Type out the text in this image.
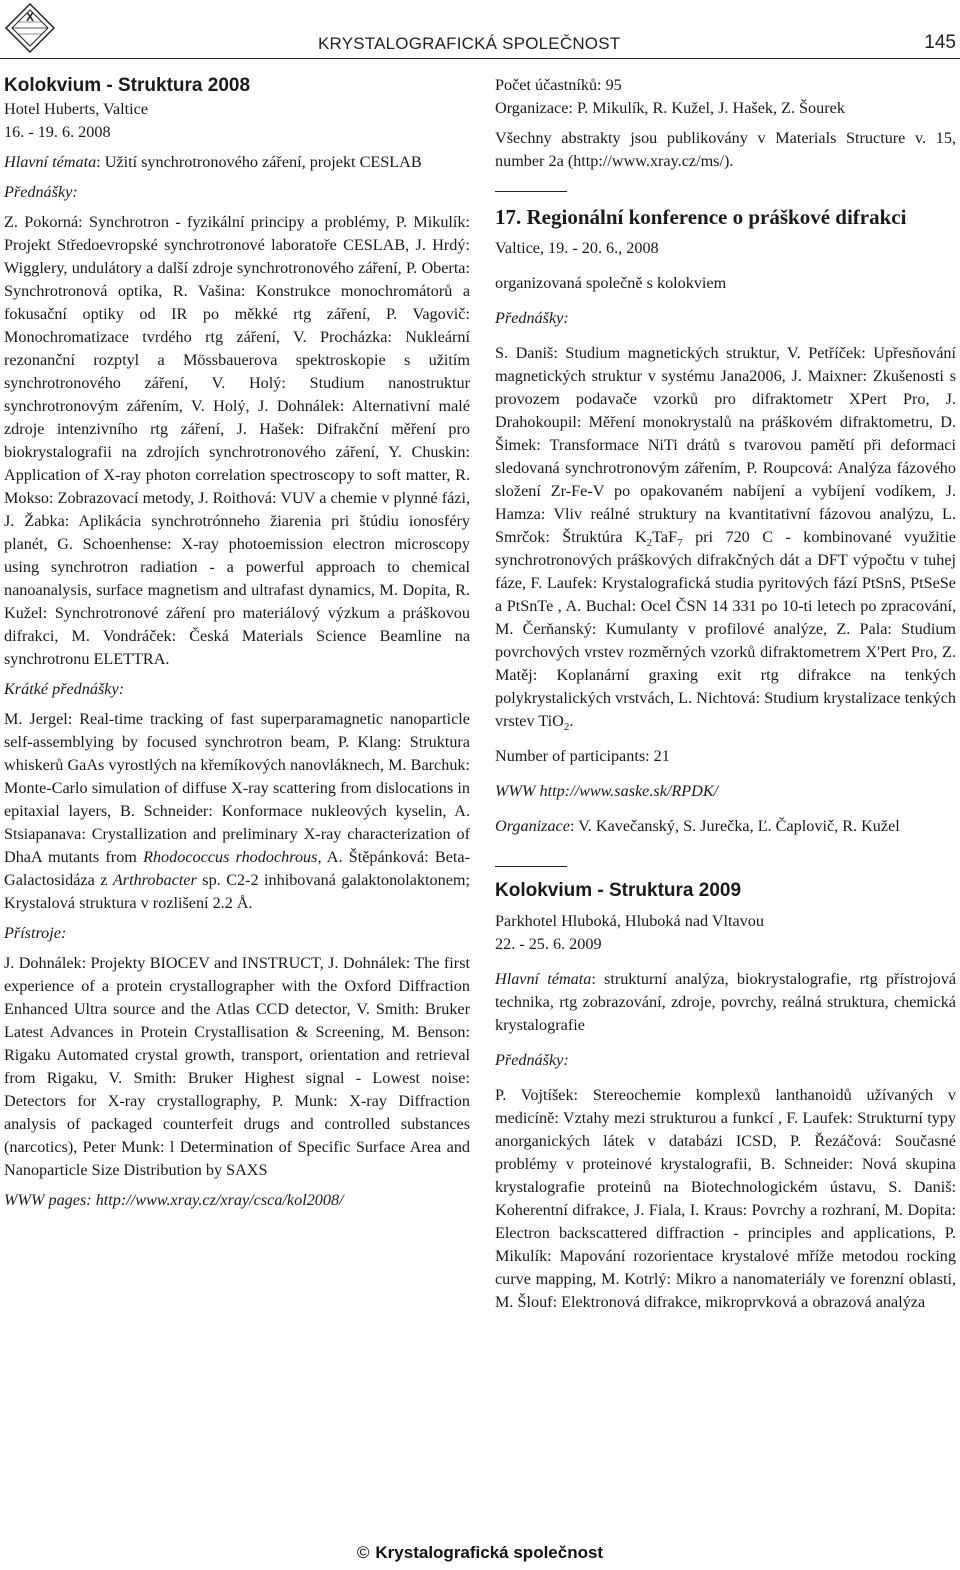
X
KRYSTALOGRAFICKÁ SPOLEČNOST	145

Kolokvium - Struktura 2008

Hotel Huberts, Valtice

16. - 19. 6. 2008

Hlavní témata: Užití synchrotronového záření, projekt CESLAB

Přednášky:

Z. Pokorná: Synchrotron - fyzikální principy a problémy, P. Mikulík: Projekt Středoevropské synchrotronové laboratoře CESLAB, J. Hrdý: Wigglery, undulátory a další zdroje synchrotronového záření, P. Oberta: Synchrotronová optika, R. Vašina: Konstrukce monochromátorů a fokusační optiky od IR po měkké rtg záření, P. Vagovič: Monochromatizace tvrdého rtg záření, V. Procházka: Nukleární rezonanční rozptyl a Mössbauerova spektroskopie s užitím synchrotronového záření, V. Holý: Studium nanostruktur synchrotronovým zářením, V. Holý, J. Dohnálek: Alternativní malé zdroje intenzivního rtg záření, J. Hašek: Difrakční měření pro biokrystalografii na zdrojích synchrotronového záření, Y. Chuskin: Application of X-ray photon correlation spectroscopy to soft matter, R. Mokso: Zobrazovací metody, J. Roithová: VUV a chemie v plynné fázi, J. Žabka: Aplikácia synchrotrónneho žiarenia pri štúdiu ionosféry planét, G. Schoenhense: X-ray photoemission electron microscopy using synchrotron radiation - a powerful approach to chemical nanoanalysis, surface magnetism and ultrafast dynamics, M. Dopita, R. Kužel: Synchrotronové záření pro materiálový výzkum a práškovou difrakci, M. Vondráček: Česká Materials Science Beamline na synchrotronu ELETTRA.

Krátké přednášky:

M. Jergel: Real-time tracking of fast superparamagnetic nanoparticle self-assemblying by focused synchrotron beam, P. Klang: Struktura whiskerů GaAs vyrostlých na křemíkových nanovláknech, M. Barchuk: Monte-Carlo simulation of diffuse X-ray scattering from dislocations in epitaxial layers, B. Schneider: Konformace nukleových kyselin, A. Stsiapanava: Crystallization and preliminary X-ray characterization of DhaA mutants from Rhodococcus rhodochrous, A. Štěpánková: Beta-Galactosidáza z Arthrobacter sp. C2-2 inhibovaná galaktonolaktonem; Krystalová struktura v rozlišení 2.2 Å.

Přístroje:

J. Dohnálek: Projekty BIOCEV and INSTRUCT, J. Dohnálek: The first experience of a protein crystallographer with the Oxford Diffraction Enhanced Ultra source and the Atlas CCD detector, V. Smith: Bruker Latest Advances in Protein Crystallisation & Screening, M. Benson: Rigaku Automated crystal growth, transport, orientation and retrieval from Rigaku, V. Smith: Bruker Highest signal - Lowest noise: Detectors for X-ray crystallography, P. Munk: X-ray Diffraction analysis of packaged counterfeit drugs and controlled substances (narcotics), Peter Munk: l Determination of Specific Surface Area and Nanoparticle Size Distribution by SAXS

WWW pages: http://www.xray.cz/xray/csca/kol2008/

Počet účastníků: 95

Organizace: P. Mikulík, R. Kužel, J. Hašek, Z. Šourek

Všechny abstrakty jsou publikovány v Materials Structure v. 15, number 2a (http://www.xray.cz/ms/).

17. Regionální konference o práškové difrakci

Valtice, 19. - 20. 6., 2008

organizovaná společně s kolokviem

Přednášky:

S. Daniš: Studium magnetických struktur, V. Petříček: Upřesňování magnetických struktur v systému Jana2006, J. Maixner: Zkušenosti s provozem podavače vzorků pro difraktometr XPert Pro, J. Drahokoupil: Měření monokrystalů na práškovém difraktometru, D. Šimek: Transformace NiTi drátů s tvarovou pamětí při deformaci sledovaná synchrotronovým zářením, P. Roupcová: Analýza fázového složení Zr-Fe-V po opakovaném nabíjení a vybíjení vodíkem, J. Hamza: Vliv reálné struktury na kvantitativní fázovou analýzu, L. Smrčok: Štruktúra $K_2TaF_7$ pri 720 C - kombinované využitie synchrotronových práškových difrakčných dát a DFT výpočtu v tuhej fáze, F. Laufek: Krystalografická studia pyritových fází PtSnS, PtSeSe a PtSnTe , A. Buchal: Ocel ČSN 14 331 po 10-ti letech po zpracování, M. Čerňanský: Kumulanty v profilové analýze, Z. Pala: Studium povrchových vrstev rozměrných vzorků difraktometrem X'Pert Pro, Z. Matěj: Koplanární graxing exit rtg difrakce na tenkých polykrystalických vrstvách, L. Nichtová: Studium krystalizace tenkých vrstev TiO$_2$.

Number of participants: 21

WWW http://www.saske.sk/RPDK/

Organizace: V. Kavečanský, S. Jurečka, Ľ. Čaplovič, R. Kužel

Kolokvium - Struktura 2009

Parkhotel Hluboká, Hluboká nad Vltavou

22. - 25. 6. 2009

Hlavní témata: strukturní analýza, biokrystalografie, rtg přístrojová technika, rtg zobrazování, zdroje, povrchy, reálná struktura, chemická krystalografie

Přednášky:

P. Vojtíšek: Stereochemie komplexů lanthanoidů užívaných v medicíně: Vztahy mezi strukturou a funkcí , F. Laufek: Strukturní typy anorganických látek v databázi ICSD, P. Řezáčová: Současné problémy v proteinové krystalografii, B. Schneider: Nová skupina krystalografie proteinů na Biotechnologickém ústavu, S. Daniš: Koherentní difrakce, J. Fiala, I. Kraus: Povrchy a rozhraní, M. Dopita: Electron backscattered diffraction - principles and applications, P. Mikulík: Mapování rozorientace krystalové mříže metodou rocking curve mapping, M. Kotrlý: Mikro a nanomateriály ve forenzní oblasti, M. Šlouf: Elektronová difrakce, mikroprvková a obrazová analýza

© Krystalografická společnost
